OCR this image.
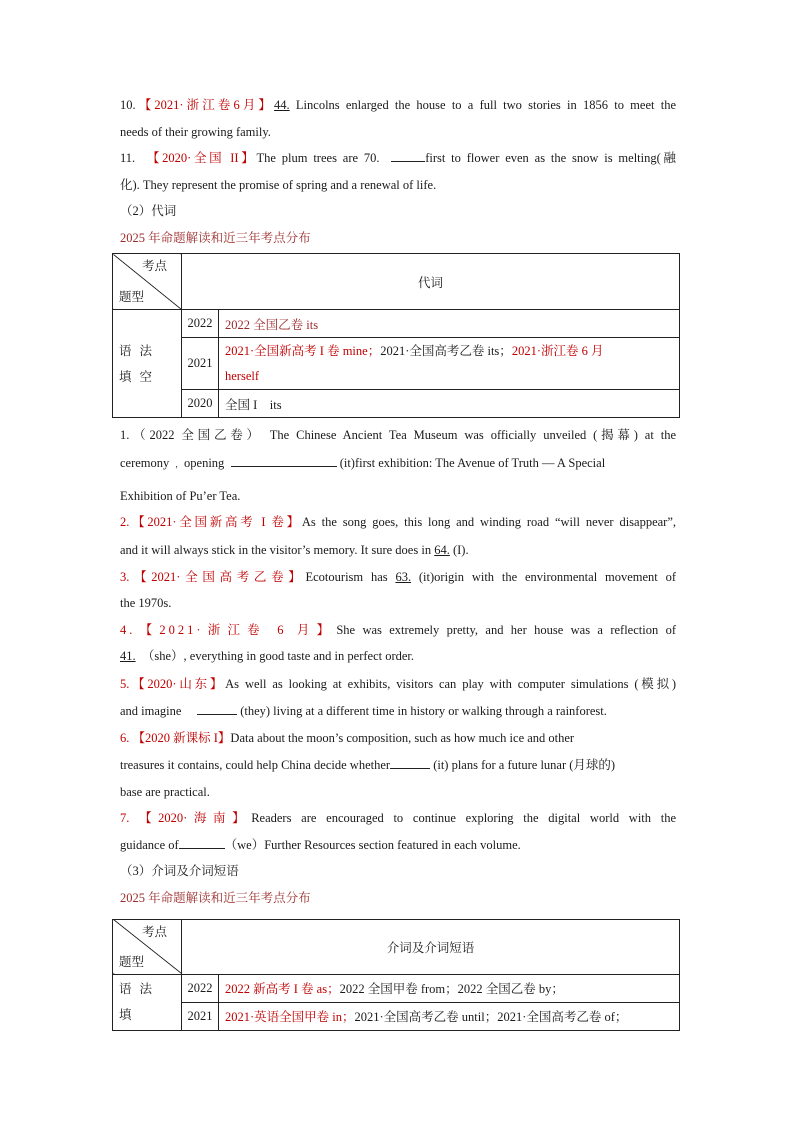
10.【2021·浙江卷6月】44. Lincolns enlarged the house to a full two stories in 1856 to meet the
needs of their growing family.
11. 【2020·全国 II】The plum trees are 70.	first to flower even as the snow is melting(融
化). They represent the promise of spring and a renewal of life.
（2）代词
2025 年命题解读和近三年考点分布
考点
题型	代词	
语法填空	2022	2022 全国乙卷 its
	2021	2021·全国新高考 I 卷 mine；2021·全国高考乙卷 its；2021·浙江卷 6 月
herself
	2020	全国 I    its
1.（2022 全国乙卷） The Chinese Ancient Tea Museum was officially unveiled (揭幕) at the
ceremony , opening	(it)first exhibition: The Avenue of Truth — A Special
Exhibition of Pu’er Tea.
2.【2021·全国新高考 I 卷】As the song goes, this long and winding road “will never disappear”,
and it will always stick in the visitor’s memory. It sure does in 64. (I).
3.【2021·全国高考乙卷】Ecotourism has 63. (it)origin with the environmental movement of
the 1970s.
4.【2021·浙江卷 6 月】She was extremely pretty, and her house was a reflection of
41. （she）, everything in good taste and in perfect order.
5.【2020·山东】As well as looking at exhibits, visitors can play with computer simulations (模拟)
and imagine	(they) living at a different time in history or walking through a rainforest.
6. 【2020 新课标 I】Data about the moon’s composition, such as how much ice and other
treasures it contains, could help China decide whether	(it) plans for a future lunar (月球的)
base are practical.
7. 【2020·海南】Readers are encouraged to continue exploring the digital world with the
guidance of	（we）Further Resources section featured in each volume.
（3）介词及介词短语
2025 年命题解读和近三年考点分布
考点
题型	介词及介词短语	
语法填	2022	2022 新高考 I 卷 as；2022 全国甲卷 from；2022 全国乙卷 by；
	2021	2021·英语全国甲卷 in；2021·全国高考乙卷 until；2021·全国高考乙卷 of；
